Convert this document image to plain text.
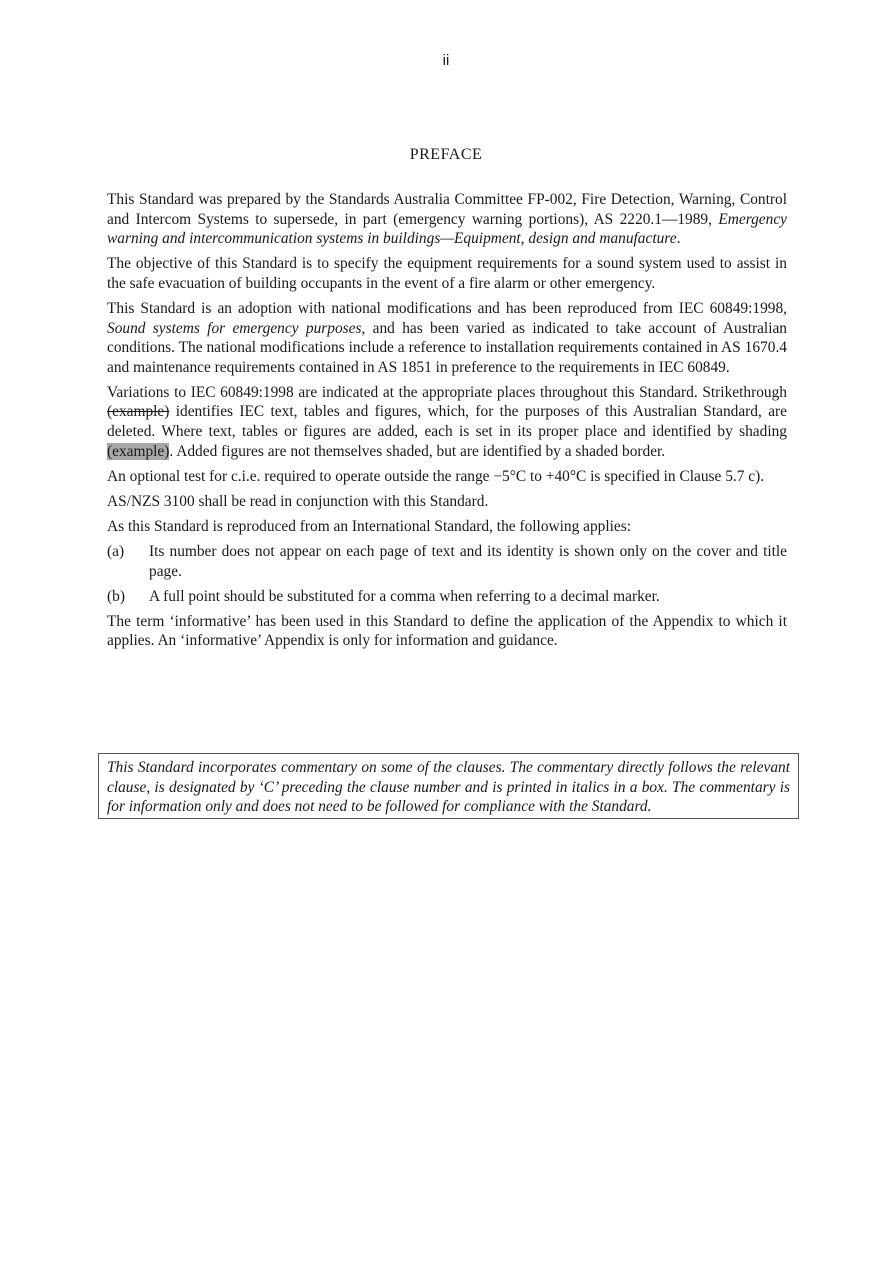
ii
PREFACE

This Standard was prepared by the Standards Australia Committee FP-002, Fire Detection, Warning, Control and Intercom Systems to supersede, in part (emergency warning portions), AS 2220.1—1989, Emergency warning and intercommunication systems in buildings—Equipment, design and manufacture.

The objective of this Standard is to specify the equipment requirements for a sound system used to assist in the safe evacuation of building occupants in the event of a fire alarm or other emergency.

This Standard is an adoption with national modifications and has been reproduced from IEC 60849:1998, Sound systems for emergency purposes, and has been varied as indicated to take account of Australian conditions. The national modifications include a reference to installation requirements contained in AS 1670.4 and maintenance requirements contained in AS 1851 in preference to the requirements in IEC 60849.

Variations to IEC 60849:1998 are indicated at the appropriate places throughout this Standard. Strikethrough (example) identifies IEC text, tables and figures, which, for the purposes of this Australian Standard, are deleted. Where text, tables or figures are added, each is set in its proper place and identified by shading (example). Added figures are not themselves shaded, but are identified by a shaded border.

An optional test for c.i.e. required to operate outside the range −5°C to +40°C is specified in Clause 5.7 c).

AS/NZS 3100 shall be read in conjunction with this Standard.

As this Standard is reproduced from an International Standard, the following applies:

(a)	Its number does not appear on each page of text and its identity is shown only on the cover and title page.
(b)	A full point should be substituted for a comma when referring to a decimal marker.

The term ‘informative’ has been used in this Standard to define the application of the Appendix to which it applies. An ‘informative’ Appendix is only for information and guidance.

This Standard incorporates commentary on some of the clauses. The commentary directly follows the relevant clause, is designated by ‘C’ preceding the clause number and is printed in italics in a box. The commentary is for information only and does not need to be followed for compliance with the Standard.
